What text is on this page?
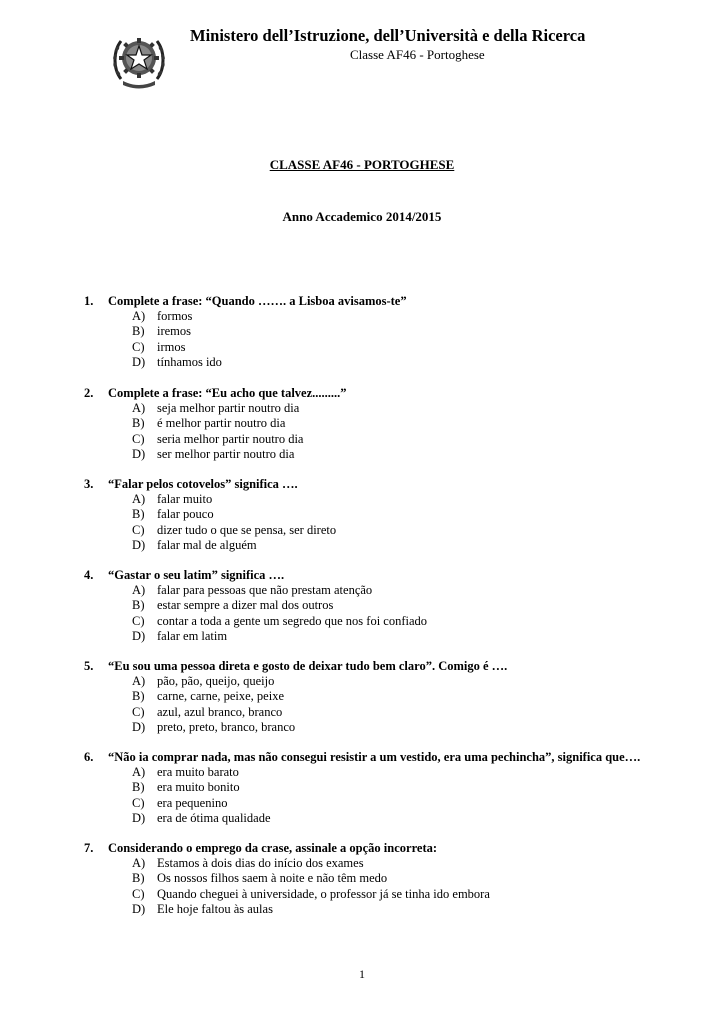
Ministero dell’Istruzione, dell’Università e della Ricerca
Classe AF46 - Portoghese
CLASSE AF46 - PORTOGHESE
Anno Accademico 2014/2015
1.	Complete a frase: “Quando ……. a Lisboa avisamos-te”
A) formos
B)	iremos
C)	irmos
D) tínhamos ido
2.	Complete a frase: “Eu acho que talvez.........”
A) seja melhor partir noutro dia
B)	é melhor partir noutro dia
C)	seria melhor partir noutro dia
D) ser melhor partir noutro dia
3.	“Falar pelos cotovelos” significa ….
A) falar muito
B)	falar pouco
C)	dizer tudo o que se pensa, ser direto
D) falar mal de alguém
4.	“Gastar o seu latim” significa ….
A) falar para pessoas que não prestam atenção
B)	estar sempre a dizer mal dos outros
C)	contar a toda a gente um segredo que nos foi confiado
D) falar em latim
5.	“Eu sou uma pessoa direta e gosto de deixar tudo bem claro”. Comigo é ….
A) pão, pão, queijo, queijo
B)	carne, carne, peixe, peixe
C)	azul, azul branco, branco
D) preto, preto, branco, branco
6.	“Não ia comprar nada, mas não consegui resistir a um vestido, era uma pechincha”, significa que….
A) era muito barato
B)	era muito bonito
C)	era pequenino
D) era de ótima qualidade
7.	Considerando o emprego da crase, assinale a opção incorreta:
A) Estamos à dois dias do início dos exames
B)	Os nossos filhos saem à noite e não têm medo
C)	Quando cheguei à universidade, o professor já se tinha ido embora
D) Ele hoje faltou às aulas
1
